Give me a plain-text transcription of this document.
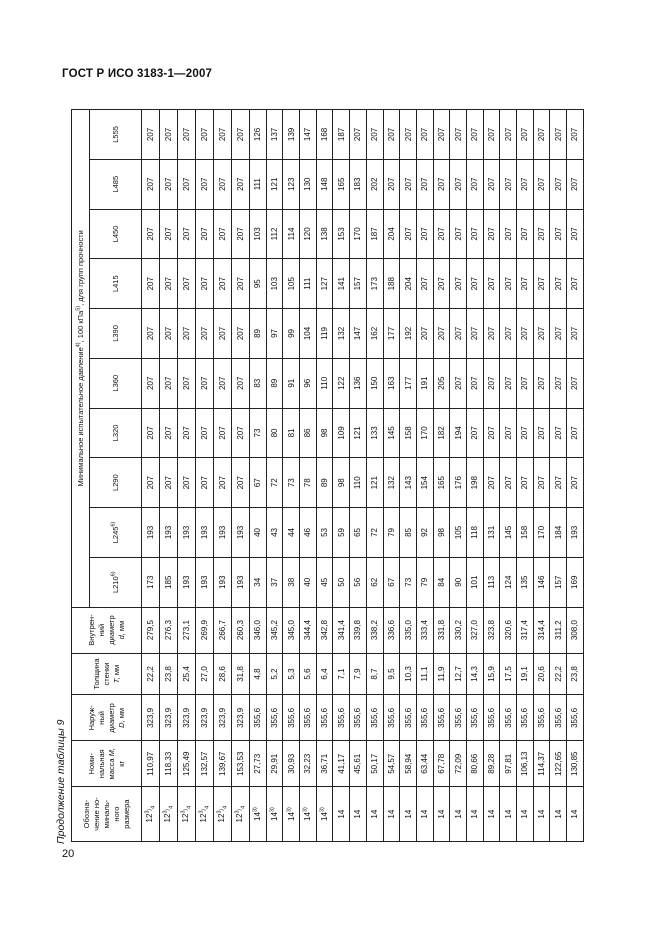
ГОСТ Р ИСО 3183-1—2007
20
Продолжение таблицы 9 Обозна-
чение но-
миналь-
ного
размера	Номи-
нальная
масса M,
кг	Наруж-
ный
диаметр
D, мм	Толщина
стенки
T, мм	Внутрен-
ний
диаметр
d, мм	Минимальное испытательное давление$^{4)}$, 100 кПа$^{5)}$, для групп прочности									
					L210$^{6)}$	L245$^{6)}$	L290	L320	L360	L390	L415	L450	L485	L555
$12^3/_4$	110,97	323,9	22,2	279,5	173	193	207	207	207	207	207	207	207	207
$12^3/_4$	118,33	323,9	23,8	276,3	185	193	207	207	207	207	207	207	207	207
$12^3/_4$	125,49	323,9	25,4	273,1	193	193	207	207	207	207	207	207	207	207
$12^3/_4$	132,57	323,9	27,0	269,9	193	193	207	207	207	207	207	207	207	207
$12^3/_4$	139,67	323,9	28,6	266,7	193	193	207	207	207	207	207	207	207	207
$12^3/_4$	153,53	323,9	31,8	260,3	193	193	207	207	207	207	207	207	207	207
14$^{3)}$	27,73	355,6	4,8	346,0	34	40	67	73	83	89	95	103	111	126
14$^{3)}$	29,91	355,6	5,2	345,2	37	43	72	80	89	97	103	112	121	137
14$^{3)}$	30,93	355,6	5,3	345,0	38	44	73	81	91	99	105	114	123	139
14$^{3)}$	32,23	355,6	5,6	344,4	40	46	78	86	96	104	111	120	130	147
14$^{3)}$	36,71	355,6	6,4	342,8	45	53	89	98	110	119	127	138	148	168
14	41,17	355,6	7,1	341,4	50	59	98	109	122	132	141	153	165	187
14	45,61	355,6	7,9	339,8	56	65	110	121	136	147	157	170	183	207
14	50,17	355,6	8,7	338,2	62	72	121	133	150	162	173	187	202	207
14	54,57	355,6	9,5	336,6	67	79	132	145	163	177	188	204	207	207
14	58,94	355,6	10,3	335,0	73	85	143	158	177	192	204	207	207	207
14	63,44	355,6	11,1	333,4	79	92	154	170	191	207	207	207	207	207
14	67,78	355,6	11,9	331,8	84	98	165	182	205	207	207	207	207	207
14	72,09	355,6	12,7	330,2	90	105	176	194	207	207	207	207	207	207
14	80,66	355,6	14,3	327,0	101	118	198	207	207	207	207	207	207	207
14	89,28	355,6	15,9	323,8	113	131	207	207	207	207	207	207	207	207
14	97,81	355,6	17,5	320,6	124	145	207	207	207	207	207	207	207	207
14	106,13	355,6	19,1	317,4	135	158	207	207	207	207	207	207	207	207
14	114,37	355,6	20,6	314,4	146	170	207	207	207	207	207	207	207	207
14	122,65	355,6	22,2	311,2	157	184	207	207	207	207	207	207	207	207
14	130,85	355,6	23,8	308,0	169	193	207	207	207	207	207	207	207	207
